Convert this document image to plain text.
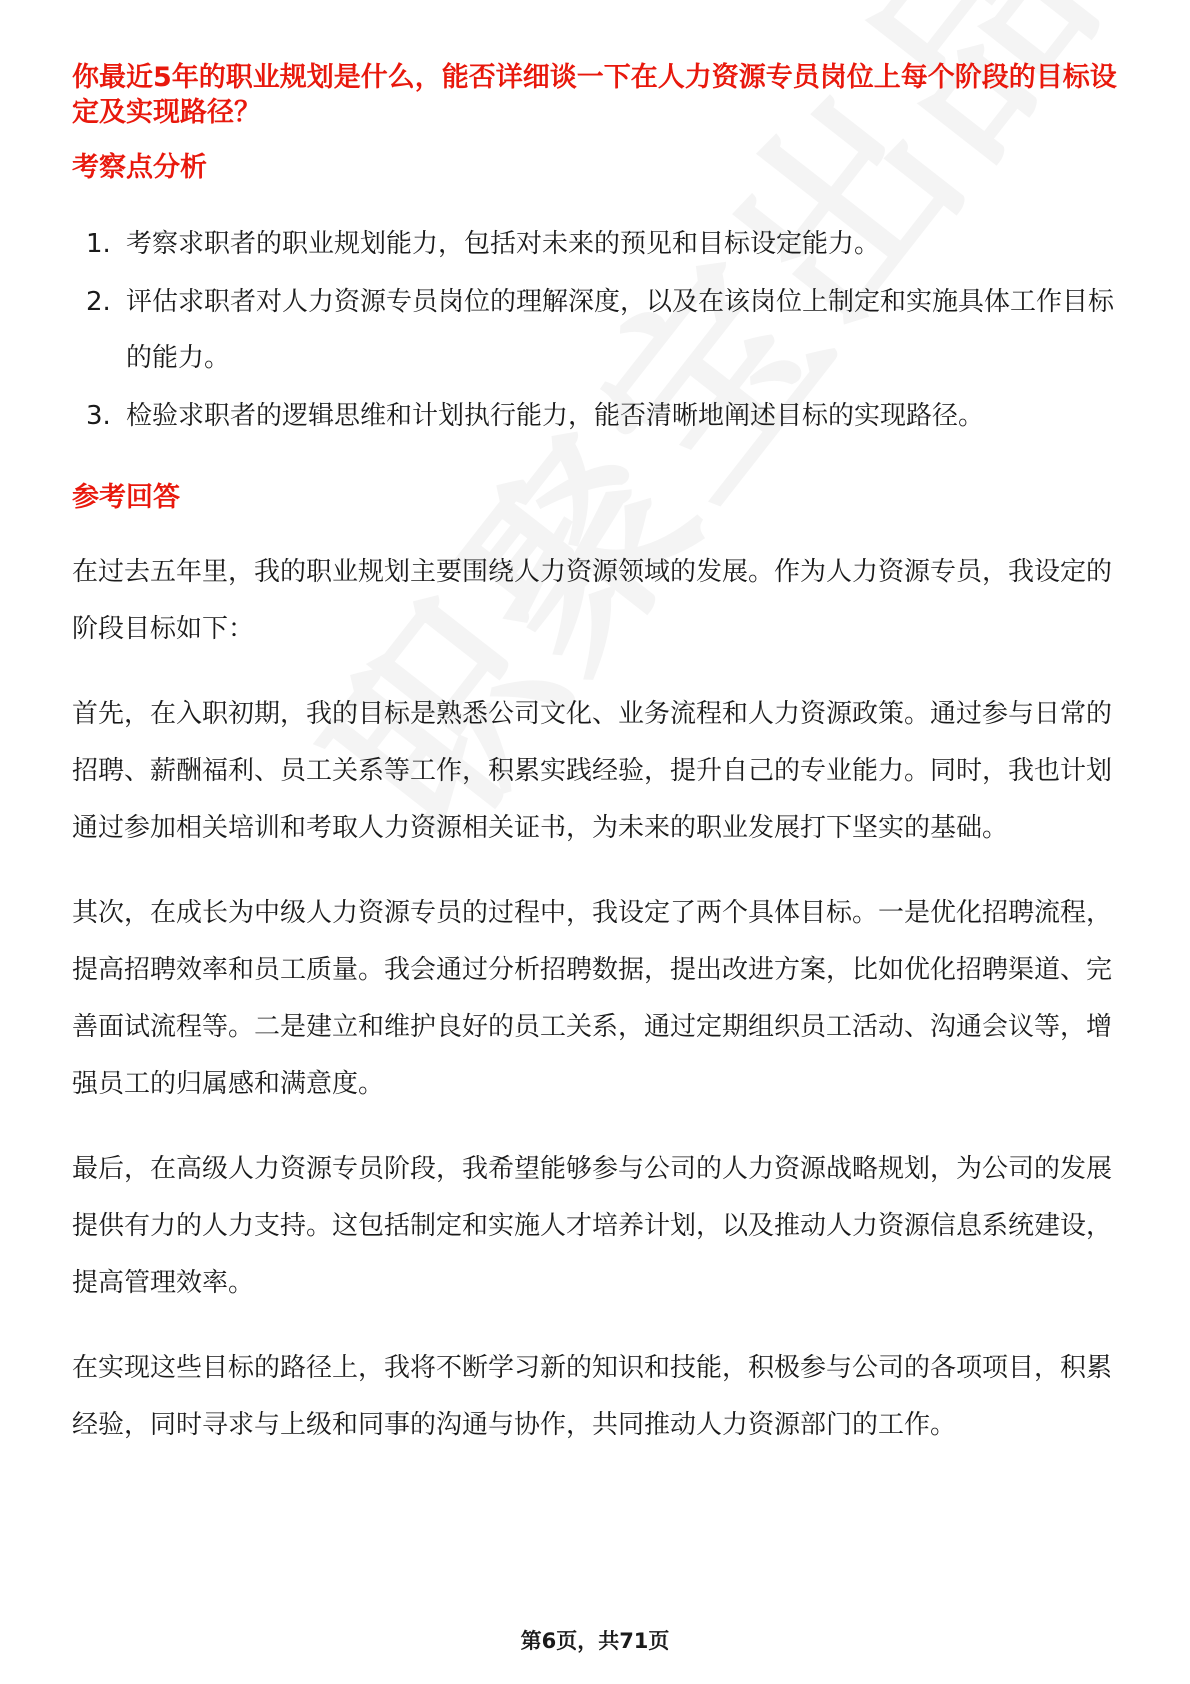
你最近5年的职业规划是什么，能否详细谈一下在人力资源专员岗位上每个阶段的目标设定及实现路径？

考察点分析
1. 考察求职者的职业规划能力，包括对未来的预见和目标设定能力。
2. 评估求职者对人力资源专员岗位的理解深度，以及在该岗位上制定和实施具体工作目标的能力。
3. 检验求职者的逻辑思维和计划执行能力，能否清晰地阐述目标的实现路径。
参考回答

在过去五年里，我的职业规划主要围绕人力资源领域的发展。作为人力资源专员，我设定的阶段目标如下：

首先，在入职初期，我的目标是熟悉公司文化、业务流程和人力资源政策。通过参与日常的招聘、薪酬福利、员工关系等工作，积累实践经验，提升自己的专业能力。同时，我也计划通过参加相关培训和考取人力资源相关证书，为未来的职业发展打下坚实的基础。

其次，在成长为中级人力资源专员的过程中，我设定了两个具体目标。一是优化招聘流程，提高招聘效率和员工质量。我会通过分析招聘数据，提出改进方案，比如优化招聘渠道、完善面试流程等。二是建立和维护良好的员工关系，通过定期组织员工活动、沟通会议等，增强员工的归属感和满意度。

最后，在高级人力资源专员阶段，我希望能够参与公司的人力资源战略规划，为公司的发展提供有力的人力支持。这包括制定和实施人才培养计划，以及推动人力资源信息系统建设，提高管理效率。

在实现这些目标的路径上，我将不断学习新的知识和技能，积极参与公司的各项项目，积累经验，同时寻求与上级和同事的沟通与协作，共同推动人力资源部门的工作。

第6页，共71页
